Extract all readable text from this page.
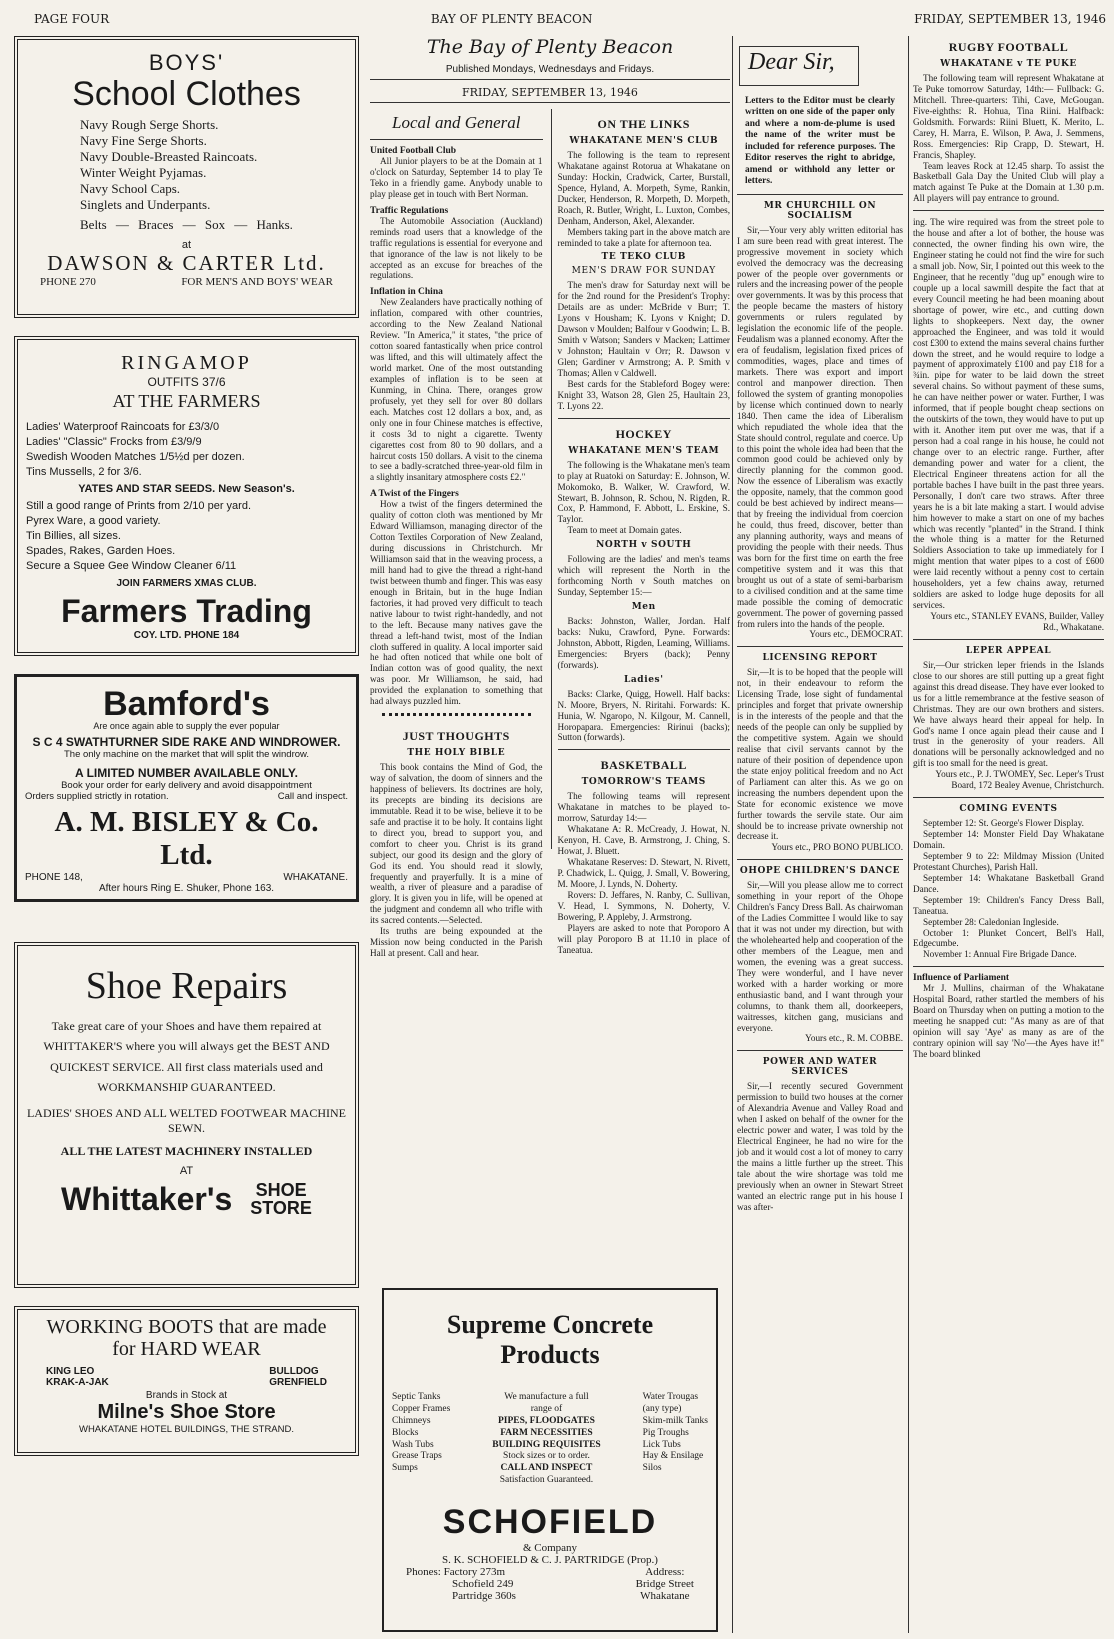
PAGE FOUR	BAY OF PLENTY BEACON	FRIDAY, SEPTEMBER 13, 1946
BOYS'
School Clothes
Navy Rough Serge Shorts.
Navy Fine Serge Shorts.
Navy Double-Breasted Raincoats.
Winter Weight Pyjamas.
Navy School Caps.
Singlets and Underpants.
Belts — Braces — Sox — Hanks.
at
DAWSON & CARTER Ltd.
PHONE 270	FOR MEN'S AND BOYS' WEAR
RINGAMOP
OUTFITS 37/6
AT THE FARMERS

Ladies' Waterproof Raincoats for £3/3/0

Ladies' "Classic" Frocks from £3/9/9

Swedish Wooden Matches 1/5½d per dozen.

Tins Mussells, 2 for 3/6.

YATES AND STAR SEEDS. New Season's.

Still a good range of Prints from 2/10 per yard.

Pyrex Ware, a good variety.

Tin Billies, all sizes.

Spades, Rakes, Garden Hoes.

Secure a Squee Gee Window Cleaner 6/11

JOIN FARMERS XMAS CLUB.
Farmers Trading
COY. LTD. PHONE 184
Bamford's
Are once again able to supply the ever popular
S C 4 SWATHTURNER SIDE RAKE AND WINDROWER.
The only machine on the market that will split the windrow.
A LIMITED NUMBER AVAILABLE ONLY.
Book your order for early delivery and avoid disappointment
Orders supplied strictly in rotation.	Call and inspect.
A. M. BISLEY & Co. Ltd.
PHONE 148,	WHAKATANE.
After hours Ring E. Shuker, Phone 163.
Shoe Repairs
Take great care of your Shoes and have them repaired at WHITTAKER'S where you will always get the BEST AND QUICKEST SERVICE. All first class materials used and WORKMANSHIP GUARANTEED.
LADIES' SHOES AND ALL WELTED FOOTWEAR MACHINE SEWN.
ALL THE LATEST MACHINERY INSTALLED
AT
Whittaker's SHOE
STORE
WORKING BOOTS that are made
for HARD WEAR
KING LEO
KRAK-A-JAK
BULLDOG
GRENFIELD
Brands in Stock at
Milne's Shoe Store
WHAKATANE HOTEL BUILDINGS, THE STRAND.
The Bay of Plenty Beacon
Published Mondays, Wednesdays and Fridays.
FRIDAY, SEPTEMBER 13, 1946
Local and General
United Football Club

All Junior players to be at the Domain at 1 o'clock on Saturday, September 14 to play Te Teko in a friendly game. Anybody unable to play please get in touch with Bert Norman.

Traffic Regulations

The Automobile Association (Auckland) reminds road users that a knowledge of the traffic regulations is essential for everyone and that ignorance of the law is not likely to be accepted as an excuse for breaches of the regulations.

Inflation in China

New Zealanders have practically nothing of inflation, compared with other countries, according to the New Zealand National Review. "In America," it states, "the price of cotton soared fantastically when price control was lifted, and this will ultimately affect the world market. One of the most outstanding examples of inflation is to be seen at Kunming, in China. There, oranges grow profusely, yet they sell for over 80 dollars each. Matches cost 12 dollars a box, and, as only one in four Chinese matches is effective, it costs 3d to night a cigarette. Twenty cigarettes cost from 80 to 90 dollars, and a haircut costs 150 dollars. A visit to the cinema to see a badly-scratched three-year-old film in a slightly insanitary atmosphere costs £2."

A Twist of the Fingers

How a twist of the fingers determined the quality of cotton cloth was mentioned by Mr Edward Williamson, managing director of the Cotton Textiles Corporation of New Zealand, during discussions in Christchurch. Mr Williamson said that in the weaving process, a mill hand had to give the thread a right-hand twist between thumb and finger. This was easy enough in Britain, but in the huge Indian factories, it had proved very difficult to teach native labour to twist right-handedly, and not to the left. Because many natives gave the thread a left-hand twist, most of the Indian cloth suffered in quality. A local importer said he had often noticed that while one bolt of Indian cotton was of good quality, the next was poor. Mr Williamson, he said, had provided the explanation to something that had always puzzled him.

JUST THOUGHTS
THE HOLY BIBLE

This book contains the Mind of God, the way of salvation, the doom of sinners and the happiness of believers. Its doctrines are holy, its precepts are binding its decisions are immutable. Read it to be wise, believe it to be safe and practise it to be holy. It contains light to direct you, bread to support you, and comfort to cheer you. Christ is its grand subject, our good its design and the glory of God its end. You should read it slowly, frequently and prayerfully. It is a mine of wealth, a river of pleasure and a paradise of glory. It is given you in life, will be opened at the judgment and condemn all who trifle with its sacred contents.—Selected.

Its truths are being expounded at the Mission now being conducted in the Parish Hall at present. Call and hear.

ON THE LINKS
WHAKATANE MEN'S CLUB

The following is the team to represent Whakatane against Rotorua at Whakatane on Sunday: Hockin, Cradwick, Carter, Burstall, Spence, Hyland, A. Morpeth, Syme, Rankin, Ducker, Henderson, R. Morpeth, D. Morpeth, Roach, R. Butler, Wright, L. Luxton, Combes, Denham, Anderson, Akel, Alexander.

Members taking part in the above match are reminded to take a plate for afternoon tea.

TE TEKO CLUB
MEN'S DRAW FOR SUNDAY

The men's draw for Saturday next will be for the 2nd round for the President's Trophy: Details are as under: McBride v Burr; T. Lyons v Housham; K. Lyons v Knight; D. Dawson v Moulden; Balfour v Goodwin; L. B. Smith v Watson; Sanders v Macken; Lattimer v Johnston; Haultain v Orr; R. Dawson v Glen; Gardiner v Armstrong; A. P. Smith v Thomas; Allen v Caldwell.

Best cards for the Stableford Bogey were: Knight 33, Watson 28, Glen 25, Haultain 23, T. Lyons 22.

HOCKEY
WHAKATANE MEN'S TEAM

The following is the Whakatane men's team to play at Ruatoki on Saturday: E. Johnson, W. Mokomoko, B. Walker, W. Crawford, W. Stewart, B. Johnson, R. Schou, N. Rigden, R. Cox, P. Hammond, F. Abbott, L. Erskine, S. Taylor.

Team to meet at Domain gates.

NORTH v SOUTH

Following are the ladies' and men's teams which will represent the North in the forthcoming North v South matches on Sunday, September 15:—

Men

Backs: Johnston, Waller, Jordan. Half backs: Nuku, Crawford, Pyne. Forwards: Johnston, Abbott, Rigden, Leaming, Williams. Emergencies: Bryers (back); Penny (forwards).

Ladies'

Backs: Clarke, Quigg, Howell. Half backs: N. Moore, Bryers, N. Riritahi. Forwards: K. Hunia, W. Ngaropo, N. Kilgour, M. Cannell, Horopapara. Emergencies: Ririnui (backs); Sutton (forwards).

BASKETBALL
TOMORROW'S TEAMS

The following teams will represent Whakatane in matches to be played to-morrow, Saturday 14:—

Whakatane A: R. McCready, J. Howat, N. Kenyon, H. Cave, B. Armstrong, J. Ching, S. Howat, J. Bluett.

Whakatane Reserves: D. Stewart, N. Rivett, P. Chadwick, L. Quigg, J. Small, V. Bowering, M. Moore, J. Lynds, N. Doherty.

Rovers: D. Jeffares, N. Ranby, C. Sullivan, V. Head, I. Symmons, N. Doherty, V. Bowering, P. Appleby, J. Armstrong.

Players are asked to note that Poroporo A will play Poroporo B at 11.10 in place of Taneatua.

Supreme Concrete
Products
Septic Tanks
Copper Frames
Chimneys
Blocks
Wash Tubs
Grease Traps
Sumps
We manufacture a full
range of
PIPES, FLOODGATES
FARM NECESSITIES
BUILDING REQUISITES
Stock sizes or to order.
CALL AND INSPECT
Satisfaction Guaranteed.
Water Trougas
(any type)
Skim-milk Tanks
Pig Troughs
Lick Tubs
Hay & Ensilage
Silos
SCHOFIELD
& Company
S. K. SCHOFIELD & C. J. PARTRIDGE (Prop.)
Phones: Factory 273m
Schofield 249
Partridge 360s
Address:
Bridge Street
Whakatane
Dear Sir,
Letters to the Editor must be clearly written on one side of the paper only and where a nom-de-plume is used the name of the writer must be included for reference purposes. The Editor reserves the right to abridge, amend or withhold any letter or letters.
MR CHURCHILL ON SOCIALISM

Sir,—Your very ably written editorial has I am sure been read with great interest. The progressive movement in society which evolved the democracy was the decreasing power of the people over governments or rulers and the increasing power of the people over governments. It was by this process that the people became the masters of history governments or rulers regulated by legislation the economic life of the people. Feudalism was a planned economy. After the era of feudalism, legislation fixed prices of commodities, wages, place and times of markets. There was export and import control and manpower direction. Then followed the system of granting monopolies by license which continued down to nearly 1840. Then came the idea of Liberalism which repudiated the whole idea that the State should control, regulate and coerce. Up to this point the whole idea had been that the common good could be achieved only by directly planning for the common good. Now the essence of Liberalism was exactly the opposite, namely, that the common good could be best achieved by indirect means—that by freeing the individual from coercion he could, thus freed, discover, better than any planning authority, ways and means of providing the people with their needs. Thus was born for the first time on earth the free competitive system and it was this that brought us out of a state of semi-barbarism to a civilised condition and at the same time made possible the coming of democratic government. The power of governing passed from rulers into the hands of the people.

Yours etc., DEMOCRAT.
LICENSING REPORT

Sir,—It is to be hoped that the people will not, in their endeavour to reform the Licensing Trade, lose sight of fundamental principles and forget that private ownership is in the interests of the people and that the needs of the people can only be supplied by the competitive system. Again we should realise that civil servants cannot by the nature of their position of dependence upon the state enjoy political freedom and no Act of Parliament can alter this. As we go on increasing the numbers dependent upon the State for economic existence we move further towards the servile state. Our aim should be to increase private ownership not decrease it.

Yours etc., PRO BONO PUBLICO.
OHOPE CHILDREN'S DANCE

Sir,—Will you please allow me to correct something in your report of the Ohope Children's Fancy Dress Ball. As chairwoman of the Ladies Committee I would like to say that it was not under my direction, but with the wholehearted help and cooperation of the other members of the League, men and women, the evening was a great success. They were wonderful, and I have never worked with a harder working or more enthusiastic band, and I want through your columns, to thank them all, doorkeepers, waitresses, kitchen gang, musicians and everyone.

Yours etc., R. M. COBBE.
POWER AND WATER SERVICES

Sir,—I recently secured Government permission to build two houses at the corner of Alexandria Avenue and Valley Road and when I asked on behalf of the owner for the electric power and water, I was told by the Electrical Engineer, he had no wire for the job and it would cost a lot of money to carry the mains a little further up the street. This tale about the wire shortage was told me previously when an owner in Stewart Street wanted an electric range put in his house I was after-

RUGBY FOOTBALL
WHAKATANE v TE PUKE

The following team will represent Whakatane at Te Puke tomorrow Saturday, 14th:— Fullback: G. Mitchell. Three-quarters: Tihi, Cave, McGougan. Five-eighths: R. Hohua, Tina Riini. Halfback: Goldsmith. Forwards: Riini Bluett, K. Merito, L. Carey, H. Marra, E. Wilson, P. Awa, J. Semmens, Ross. Emergencies: Rip Crapp, D. Stewart, H. Francis, Shapley.

Team leaves Rock at 12.45 sharp. To assist the Basketball Gala Day the United Club will play a match against Te Puke at the Domain at 1.30 p.m. All players will pay entrance to ground.

ing. The wire required was from the street pole to the house and after a lot of bother, the house was connected, the owner finding his own wire, the Engineer stating he could not find the wire for such a small job. Now, Sir, I pointed out this week to the Engineer, that he recently "dug up" enough wire to couple up a local sawmill despite the fact that at every Council meeting he had been moaning about shortage of power, wire etc., and cutting down lights to shopkeepers. Next day, the owner approached the Engineer, and was told it would cost £300 to extend the mains several chains further down the street, and he would require to lodge a payment of approximately £100 and pay £18 for a ¾in. pipe for water to be laid down the street several chains. So without payment of these sums, he can have neither power or water. Further, I was informed, that if people bought cheap sections on the outskirts of the town, they would have to put up with it. Another item put over me was, that if a person had a coal range in his house, he could not change over to an electric range. Further, after demanding power and water for a client, the Electrical Engineer threatens action for all the portable baches I have built in the past three years. Personally, I don't care two straws. After three years he is a bit late making a start. I would advise him however to make a start on one of my baches which was recently "planted" in the Strand. I think the whole thing is a matter for the Returned Soldiers Association to take up immediately for I might mention that water pipes to a cost of £600 were laid recently without a penny cost to certain householders, yet a few chains away, returned soldiers are asked to lodge huge deposits for all services.

Yours etc., STANLEY EVANS, Builder, Valley Rd., Whakatane.
LEPER APPEAL

Sir,—Our stricken leper friends in the Islands close to our shores are still putting up a great fight against this dread disease. They have ever looked to us for a little remembrance at the festive season of Christmas. They are our own brothers and sisters. We have always heard their appeal for help. In God's name I once again plead their cause and I trust in the generosity of your readers. All donations will be personally acknowledged and no gift is too small for the need is great.

Yours etc., P. J. TWOMEY, Sec. Leper's Trust Board, 172 Bealey Avenue, Christchurch.
COMING EVENTS

September 12: St. George's Flower Display.

September 14: Monster Field Day Whakatane Domain.

September 9 to 22: Mildmay Mission (United Protestant Churches), Parish Hall.

September 14: Whakatane Basketball Grand Dance.

September 19: Children's Fancy Dress Ball, Taneatua.

September 28: Caledonian Ingleside.

October 1: Plunket Concert, Bell's Hall, Edgecumbe.

November 1: Annual Fire Brigade Dance.

Influence of Parliament

Mr J. Mullins, chairman of the Whakatane Hospital Board, rather startled the members of his Board on Thursday when on putting a motion to the meeting he snapped cut: "As many as are of that opinion will say 'Aye' as many as are of the contrary opinion will say 'No'—the Ayes have it!" The board blinked
